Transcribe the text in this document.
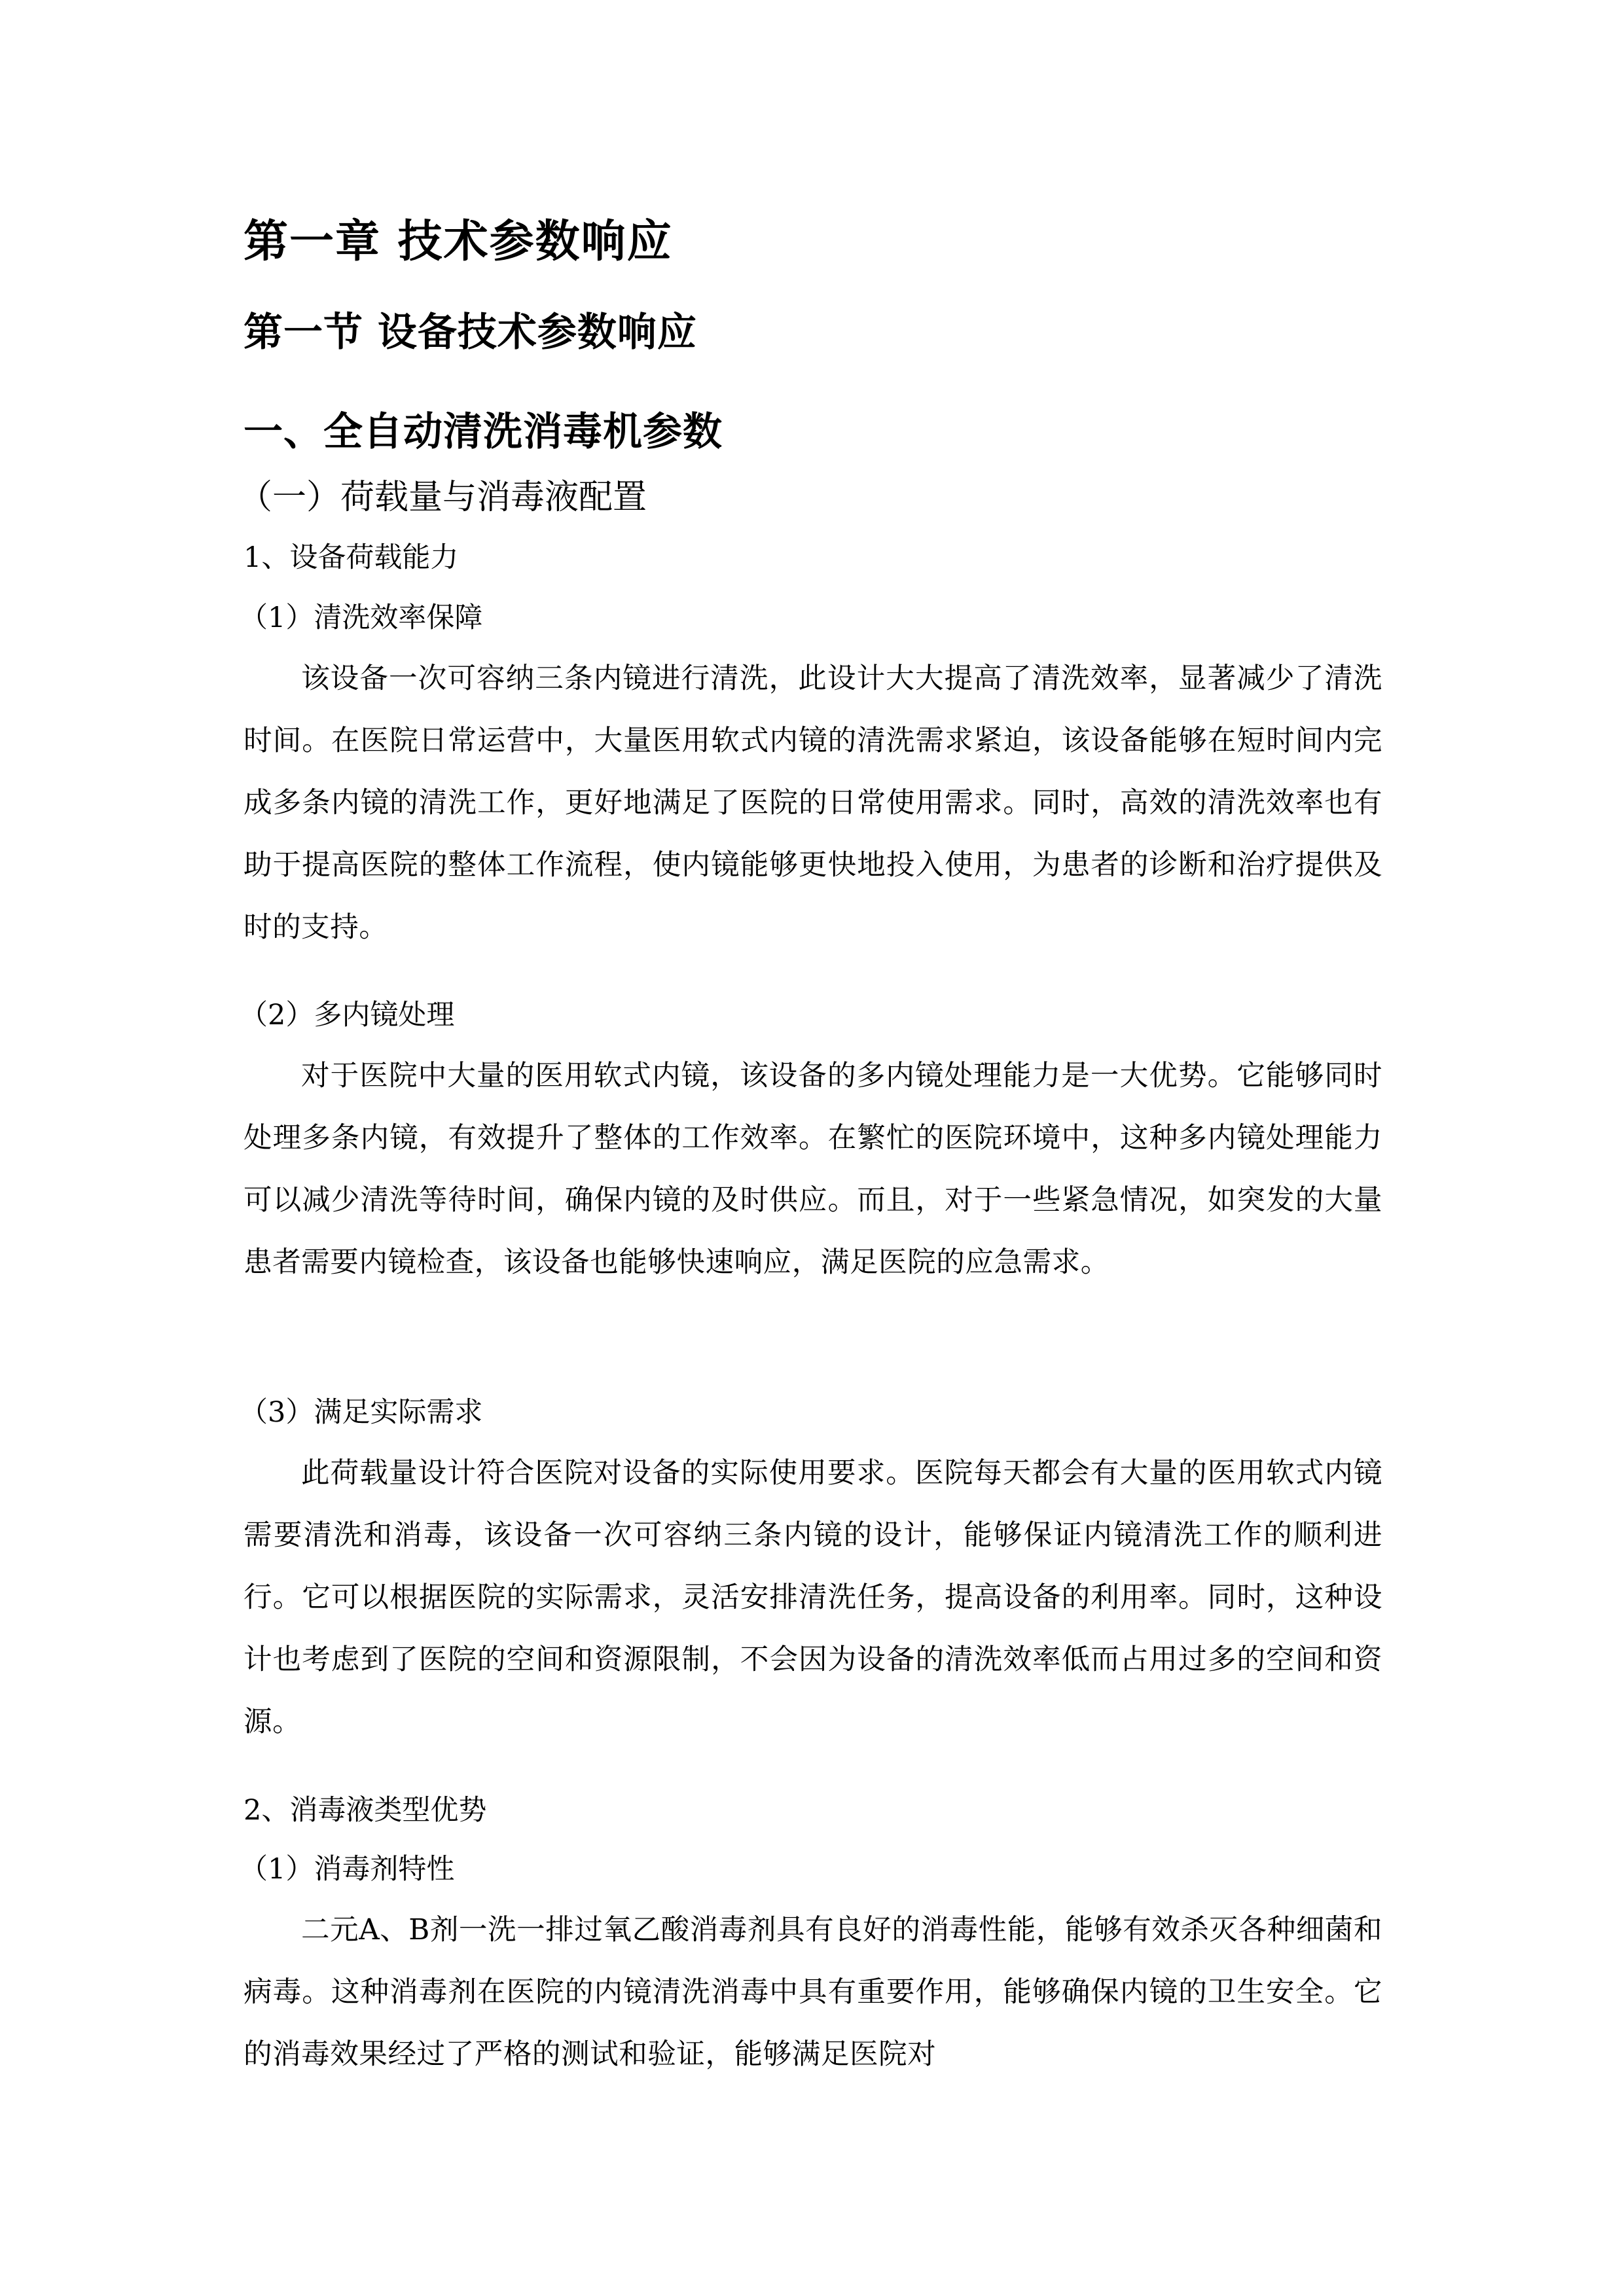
第一章 技术参数响应
第一节 设备技术参数响应
一、全自动清洗消毒机参数
（一）荷载量与消毒液配置
1、设备荷载能力
（1）清洗效率保障

该设备一次可容纳三条内镜进行清洗，此设计大大提高了清洗效率，显著减少了清洗时间。在医院日常运营中，大量医用软式内镜的清洗需求紧迫，该设备能够在短时间内完成多条内镜的清洗工作，更好地满足了医院的日常使用需求。同时，高效的清洗效率也有助于提高医院的整体工作流程，使内镜能够更快地投入使用，为患者的诊断和治疗提供及时的支持。

（2）多内镜处理

对于医院中大量的医用软式内镜，该设备的多内镜处理能力是一大优势。它能够同时处理多条内镜，有效提升了整体的工作效率。在繁忙的医院环境中，这种多内镜处理能力可以减少清洗等待时间，确保内镜的及时供应。而且，对于一些紧急情况，如突发的大量患者需要内镜检查，该设备也能够快速响应，满足医院的应急需求。

（3）满足实际需求

此荷载量设计符合医院对设备的实际使用要求。医院每天都会有大量的医用软式内镜需要清洗和消毒，该设备一次可容纳三条内镜的设计，能够保证内镜清洗工作的顺利进行。它可以根据医院的实际需求，灵活安排清洗任务，提高设备的利用率。同时，这种设计也考虑到了医院的空间和资源限制，不会因为设备的清洗效率低而占用过多的空间和资源。

2、消毒液类型优势
（1）消毒剂特性

二元A、B剂一洗一排过氧乙酸消毒剂具有良好的消毒性能，能够有效杀灭各种细菌和病毒。这种消毒剂在医院的内镜清洗消毒中具有重要作用，能够确保内镜的卫生安全。它的消毒效果经过了严格的测试和验证，能够满足医院对
